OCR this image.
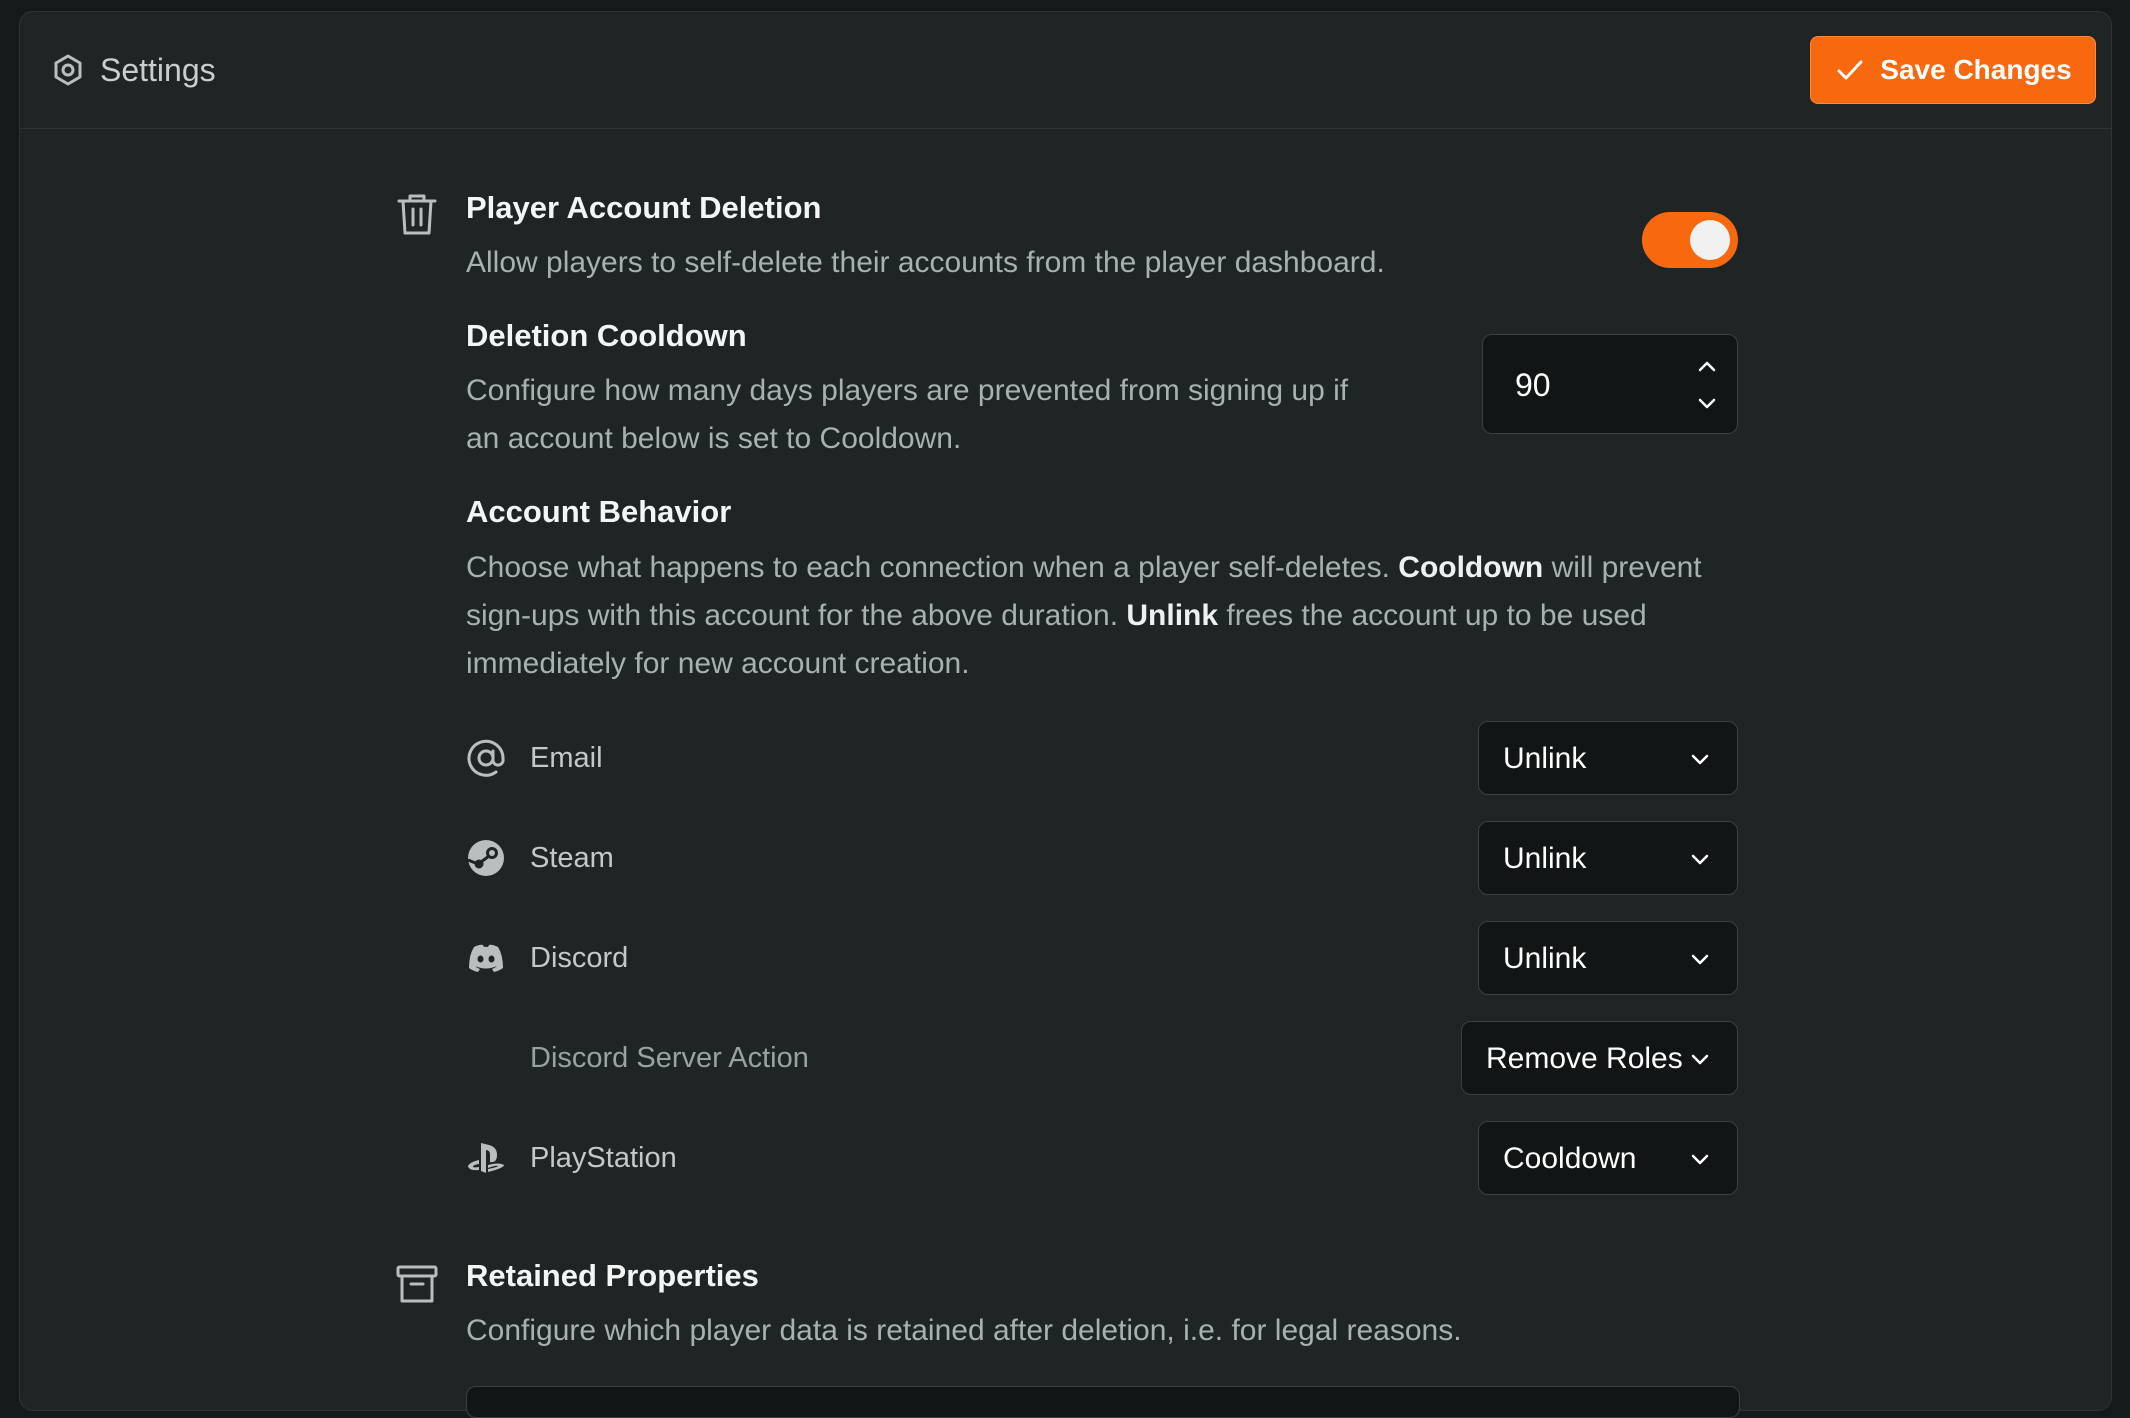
Settings	Save Changes
Player Account Deletion
Allow players to self-delete their accounts from the player dashboard.
Deletion Cooldown
Configure how many days players are prevented from signing up if
an account below is set to Cooldown.
90
Account Behavior
Choose what happens to each connection when a player self-deletes. Cooldown will prevent sign-ups with this account for the above duration. Unlink frees the account up to be used immediately for new account creation.
Email	Unlink
Steam	Unlink
Discord	Unlink
Discord Server Action	Remove Roles
PlayStation	Cooldown
Retained Properties
Configure which player data is retained after deletion, i.e. for legal reasons.
